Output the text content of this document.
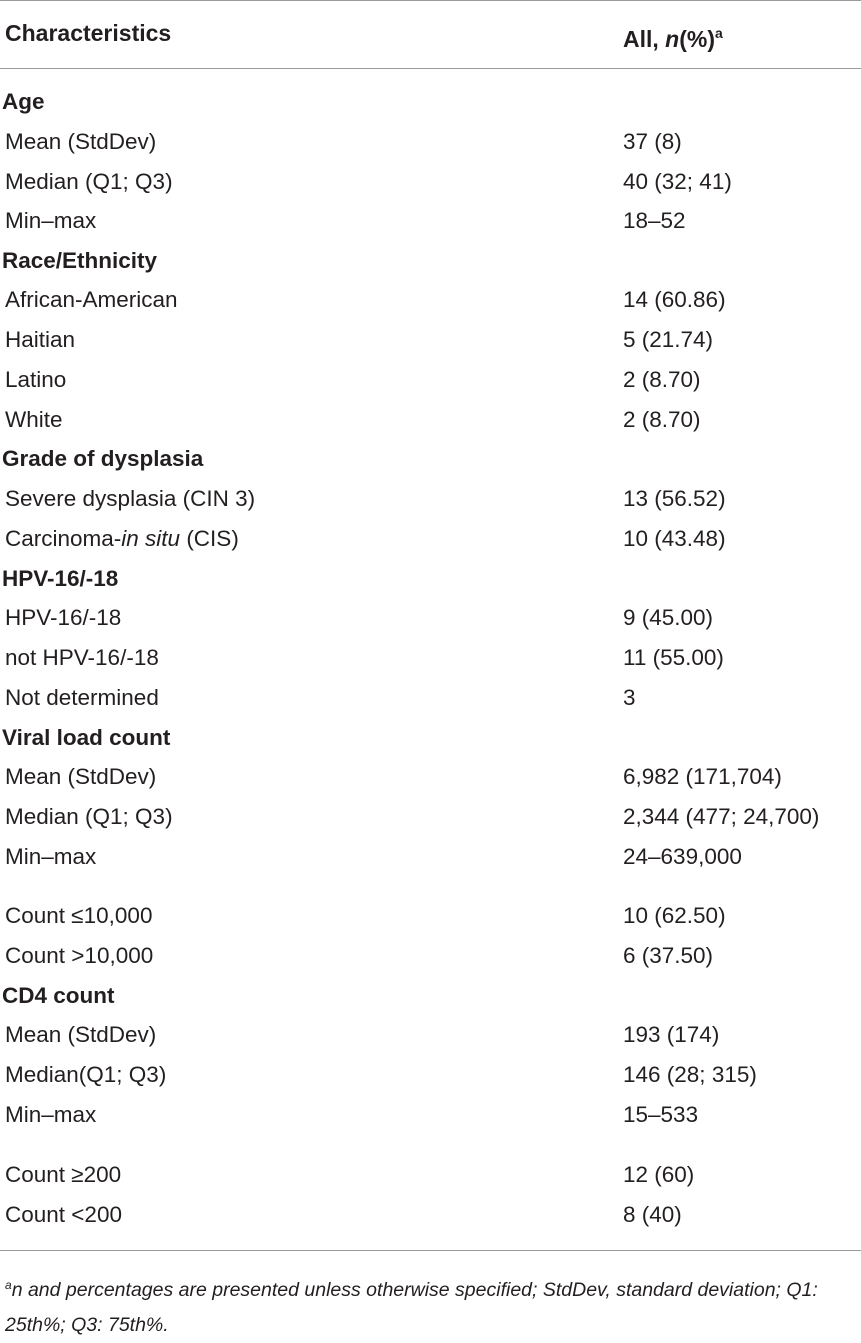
Characteristics	All, n(%)$^a$
Age
Mean (StdDev)	37 (8)
Median (Q1; Q3)	40 (32; 41)
Min–max	18–52
Race/Ethnicity
African-American	14 (60.86)
Haitian	5 (21.74)
Latino	2 (8.70)
White	2 (8.70)
Grade of dysplasia
Severe dysplasia (CIN 3)	13 (56.52)
Carcinoma-in situ (CIS)	10 (43.48)
HPV-16/-18
HPV-16/-18	9 (45.00)
not HPV-16/-18	11 (55.00)
Not determined	3
Viral load count
Mean (StdDev)	6,982 (171,704)
Median (Q1; Q3)	2,344 (477; 24,700)
Min–max	24–639,000
Count ≤10,000	10 (62.50)
Count >10,000	6 (37.50)
CD4 count
Mean (StdDev)	193 (174)
Median(Q1; Q3)	146 (28; 315)
Min–max	15–533
Count ≥200	12 (60)
Count <200	8 (40)
$^a$n and percentages are presented unless otherwise specified; StdDev, standard deviation; Q1: 25th%; Q3: 75th%.
